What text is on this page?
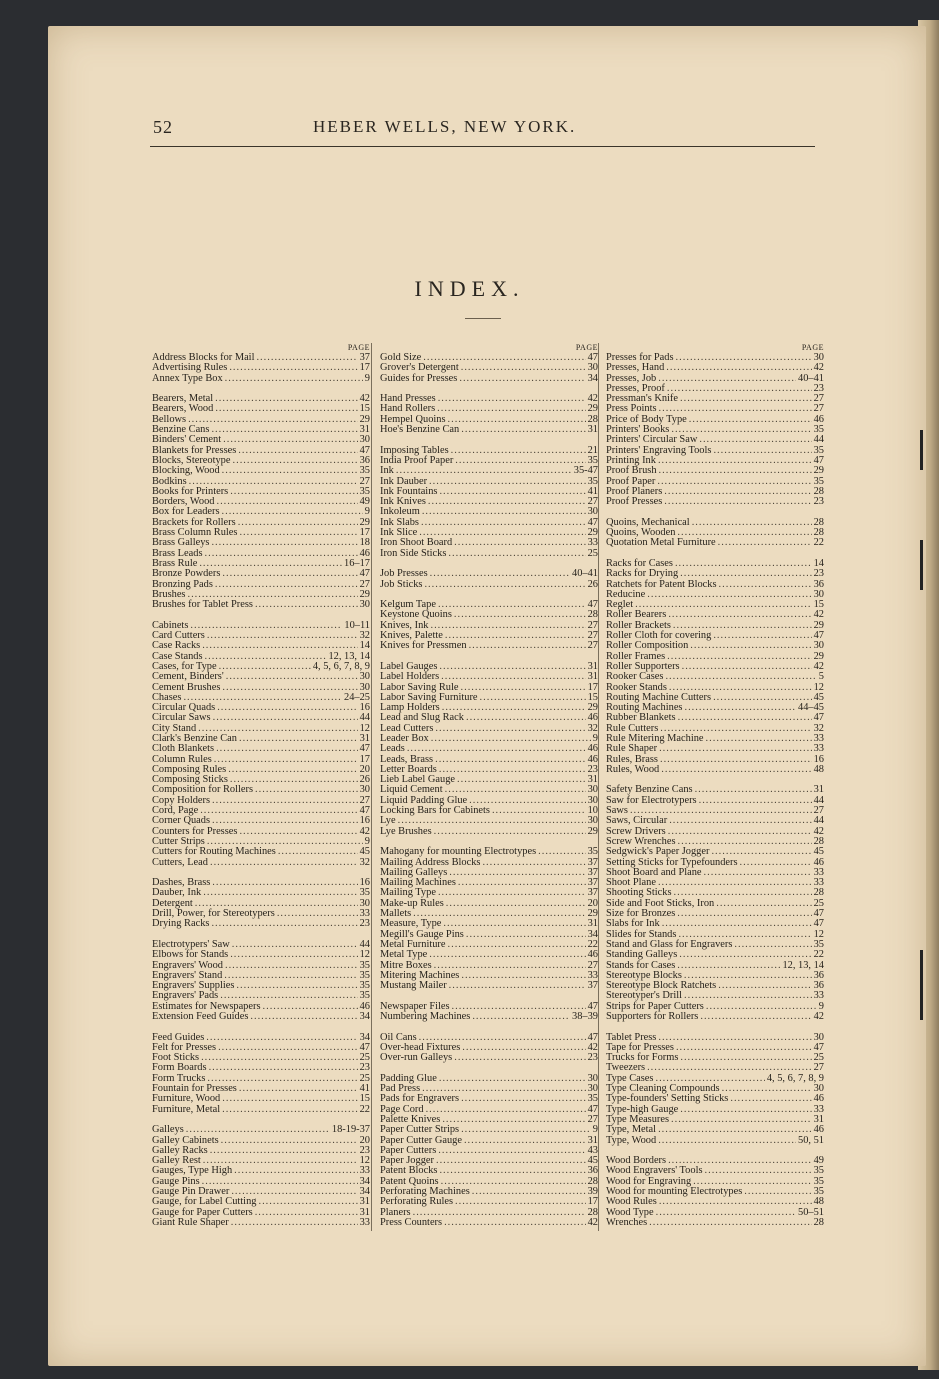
52	HEBER WELLS, NEW YORK.
INDEX.
PAGE
Address Blocks for Mail .....	37
Advertising Rules .....	17
Annex Type Box .....	9
Bearers, Metal .....	42
Bearers, Wood .....	15
Bellows .....	29
Benzine Cans .....	31
Binders' Cement .....	30
Blankets for Presses .....	47
Blocks, Stereotype .....	36
Blocking, Wood .....	35
Bodkins .....	27
Books for Printers .....	35
Borders, Wood .....	49
Box for Leaders .....	9
Brackets for Rollers .....	29
Brass Column Rules .....	17
Brass Galleys .....	18
Brass Leads .....	46
Brass Rule .....	16–17
Bronze Powders .....	47
Bronzing Pads .....	27
Brushes .....	29
Brushes for Tablet Press .....	30
Cabinets .....	10–11
Card Cutters .....	32
Case Racks .....	14
Case Stands .....	12, 13, 14
Cases, for Type .....	4, 5, 6, 7, 8, 9
Cement, Binders' .....	30
Cement Brushes .....	30
Chases .....	24–25
Circular Quads .....	16
Circular Saws .....	44
City Stand .....	12
Clark's Benzine Can .....	31
Cloth Blankets .....	47
Column Rules .....	17
Composing Rules .....	20
Composing Sticks .....	26
Composition for Rollers .....	30
Copy Holders .....	27
Cord, Page .....	47
Corner Quads .....	16
Counters for Presses .....	42
Cutter Strips .....	9
Cutters for Routing Machines .....	45
Cutters, Lead .....	32
Dashes, Brass .....	16
Dauber, Ink .....	35
Detergent .....	30
Drill, Power, for Stereotypers .....	33
Drying Racks .....	23
Electrotypers' Saw .....	44
Elbows for Stands .....	12
Engravers' Wood .....	35
Engravers' Stand .....	35
Engravers' Supplies .....	35
Engravers' Pads .....	35
Estimates for Newspapers .....	46
Extension Feed Guides .....	34
Feed Guides .....	34
Felt for Presses .....	47
Foot Sticks .....	25
Form Boards .....	23
Form Trucks .....	25
Fountain for Presses .....	41
Furniture, Wood .....	15
Furniture, Metal .....	22
Galleys .....	18-19-37
Galley Cabinets .....	20
Galley Racks .....	23
Galley Rest .....	12
Gauges, Type High .....	33
Gauge Pins .....	34
Gauge Pin Drawer .....	34
Gauge, for Label Cutting .....	31
Gauge for Paper Cutters .....	31
Giant Rule Shaper .....	33
PAGE
Gold Size .....	47
Grover's Detergent .....	30
Guides for Presses .....	34
Hand Presses .....	42
Hand Rollers .....	29
Hempel Quoins .....	28
Hoe's Benzine Can .....	31
Imposing Tables .....	21
India Proof Paper .....	35
Ink .....	35-47
Ink Dauber .....	35
Ink Fountains .....	41
Ink Knives .....	27
Inkoleum .....	30
Ink Slabs .....	47
Ink Slice .....	29
Iron Shoot Board .....	33
Iron Side Sticks .....	25
Job Presses .....	40–41
Job Sticks .....	26
Kelgum Tape .....	47
Keystone Quoins .....	28
Knives, Ink .....	27
Knives, Palette .....	27
Knives for Pressmen .....	27
Label Gauges .....	31
Label Holders .....	31
Labor Saving Rule .....	17
Labor Saving Furniture .....	15
Lamp Holders .....	29
Lead and Slug Rack .....	46
Lead Cutters .....	32
Leader Box .....	9
Leads .....	46
Leads, Brass .....	46
Letter Boards .....	23
Lieb Label Gauge .....	31
Liquid Cement .....	30
Liquid Padding Glue .....	30
Locking Bars for Cabinets .....	10
Lye .....	30
Lye Brushes .....	29
Mahogany for mounting Electrotypes .....	35
Mailing Address Blocks .....	37
Mailing Galleys .....	37
Mailing Machines .....	37
Mailing Type .....	37
Make-up Rules .....	20
Mallets .....	29
Measure, Type .....	31
Megill's Gauge Pins .....	34
Metal Furniture .....	22
Metal Type .....	46
Mitre Boxes .....	27
Mitering Machines .....	33
Mustang Mailer .....	37
Newspaper Files .....	47
Numbering Machines .....	38–39
Oil Cans .....	47
Over-head Fixtures .....	42
Over-run Galleys .....	23
Padding Glue .....	30
Pad Press .....	30
Pads for Engravers .....	35
Page Cord .....	47
Palette Knives .....	27
Paper Cutter Strips .....	9
Paper Cutter Gauge .....	31
Paper Cutters .....	43
Paper Jogger .....	45
Patent Blocks .....	36
Patent Quoins .....	28
Perforating Machines .....	39
Perforating Rules .....	17
Planers .....	28
Press Counters .....	42
PAGE
Presses for Pads .....	30
Presses, Hand .....	42
Presses, Job .....	40–41
Presses, Proof .....	23
Pressman's Knife .....	27
Press Points .....	27
Price of Body Type .....	46
Printers' Books .....	35
Printers' Circular Saw .....	44
Printers' Engraving Tools .....	35
Printing Ink .....	47
Proof Brush .....	29
Proof Paper .....	35
Proof Planers .....	28
Proof Presses .....	23
Quoins, Mechanical .....	28
Quoins, Wooden .....	28
Quotation Metal Furniture .....	22
Racks for Cases .....	14
Racks for Drying .....	23
Ratchets for Patent Blocks .....	36
Reducine .....	30
Reglet .....	15
Roller Bearers .....	42
Roller Brackets .....	29
Roller Cloth for covering .....	47
Roller Composition .....	30
Roller Frames .....	29
Roller Supporters .....	42
Rooker Cases .....	5
Rooker Stands .....	12
Routing Machine Cutters .....	45
Routing Machines .....	44–45
Rubber Blankets .....	47
Rule Cutters .....	32
Rule Mitering Machine .....	33
Rule Shaper .....	33
Rules, Brass .....	16
Rules, Wood .....	48
Safety Benzine Cans .....	31
Saw for Electrotypers .....	44
Saws .....	27
Saws, Circular .....	44
Screw Drivers .....	42
Screw Wrenches .....	28
Sedgwick's Paper Jogger .....	45
Setting Sticks for Typefounders .....	46
Shoot Board and Plane .....	33
Shoot Plane .....	33
Shooting Sticks .....	28
Side and Foot Sticks, Iron .....	25
Size for Bronzes .....	47
Slabs for Ink .....	47
Slides for Stands .....	12
Stand and Glass for Engravers .....	35
Standing Galleys .....	22
Stands for Cases .....	12, 13, 14
Stereotype Blocks .....	36
Stereotype Block Ratchets .....	36
Stereotyper's Drill .....	33
Strips for Paper Cutters .....	9
Supporters for Rollers .....	42
Tablet Press .....	30
Tape for Presses .....	47
Trucks for Forms .....	25
Tweezers .....	27
Type Cases .....	4, 5, 6, 7, 8, 9
Type Cleaning Compounds .....	30
Type-founders' Setting Sticks .....	46
Type-high Gauge .....	33
Type Measures .....	31
Type, Metal .....	46
Type, Wood .....	50, 51
Wood Borders .....	49
Wood Engravers' Tools .....	35
Wood for Engraving .....	35
Wood for mounting Electrotypes .....	35
Wood Rules .....	48
Wood Type .....	50–51
Wrenches .....	28
